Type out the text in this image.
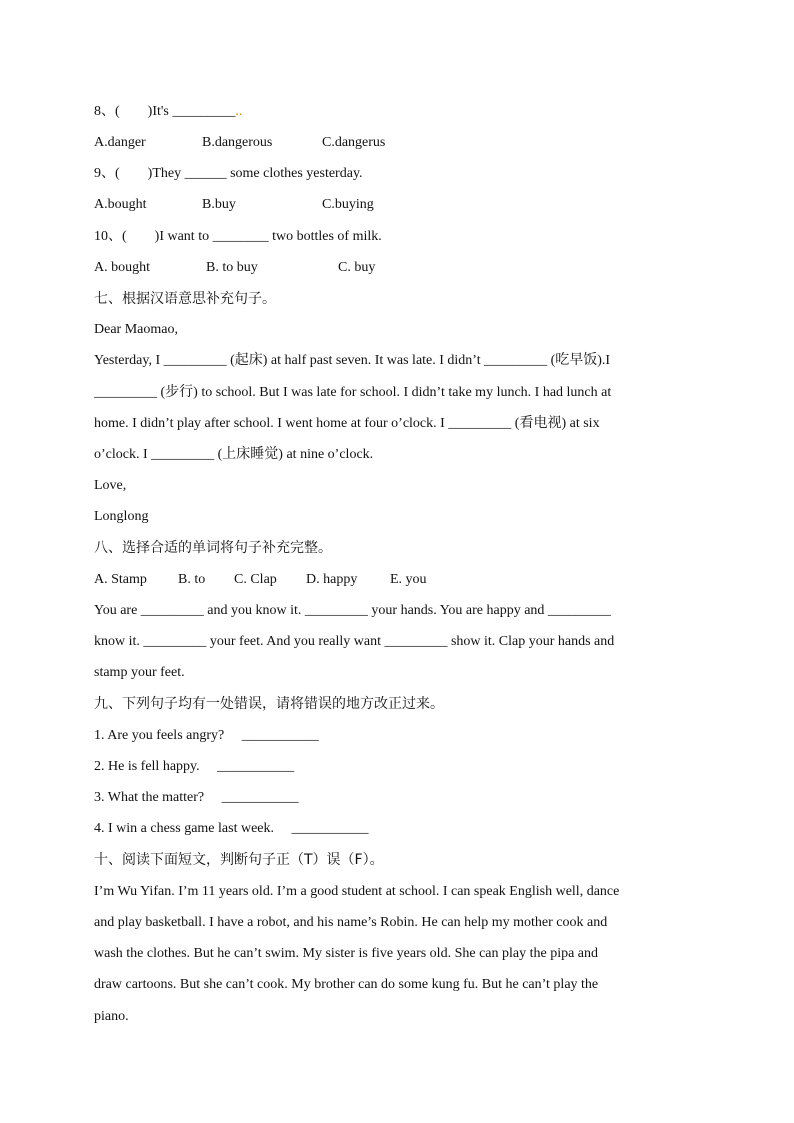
8、(　　)It's _________..
A.danger	B.dangerous	C.dangerus
9、(　　)They ______ some clothes yesterday.
A.bought	B.buy	C.buying
10、(　　)I want to ________ two bottles of milk.
A. bought	B. to buy	C. buy
七、根据汉语意思补充句子。
Dear Maomao,
Yesterday, I _________ (起床) at half past seven. It was late. I didn’t _________ (吃早饭).I
_________ (步行) to school. But I was late for school. I didn’t take my lunch. I had lunch at
home. I didn’t play after school. I went home at four o’clock. I _________ (看电视) at six
o’clock. I _________ (上床睡觉) at nine o’clock.
Love,
Longlong
八、选择合适的单词将句子补充完整。
A. Stamp B. to C. Clap D. happy E. you
You are _________ and you know it. _________ your hands. You are happy and _________
know it. _________ your feet. And you really want _________ show it. Clap your hands and
stamp your feet.
九、下列句子均有一处错误，请将错误的地方改正过来。
1. Are you feels angry?　 ___________
2. He is fell happy.　 ___________
3. What the matter?　 ___________
4. I win a chess game last week.　 ___________
十、阅读下面短文，判断句子正（T）误（F）。
I’m Wu Yifan. I’m 11 years old. I’m a good student at school. I can speak English well, dance
and play basketball. I have a robot, and his name’s Robin. He can help my mother cook and
wash the clothes. But he can’t swim. My sister is five years old. She can play the pipa and
draw cartoons. But she can’t cook. My brother can do some kung fu. But he can’t play the
piano.
